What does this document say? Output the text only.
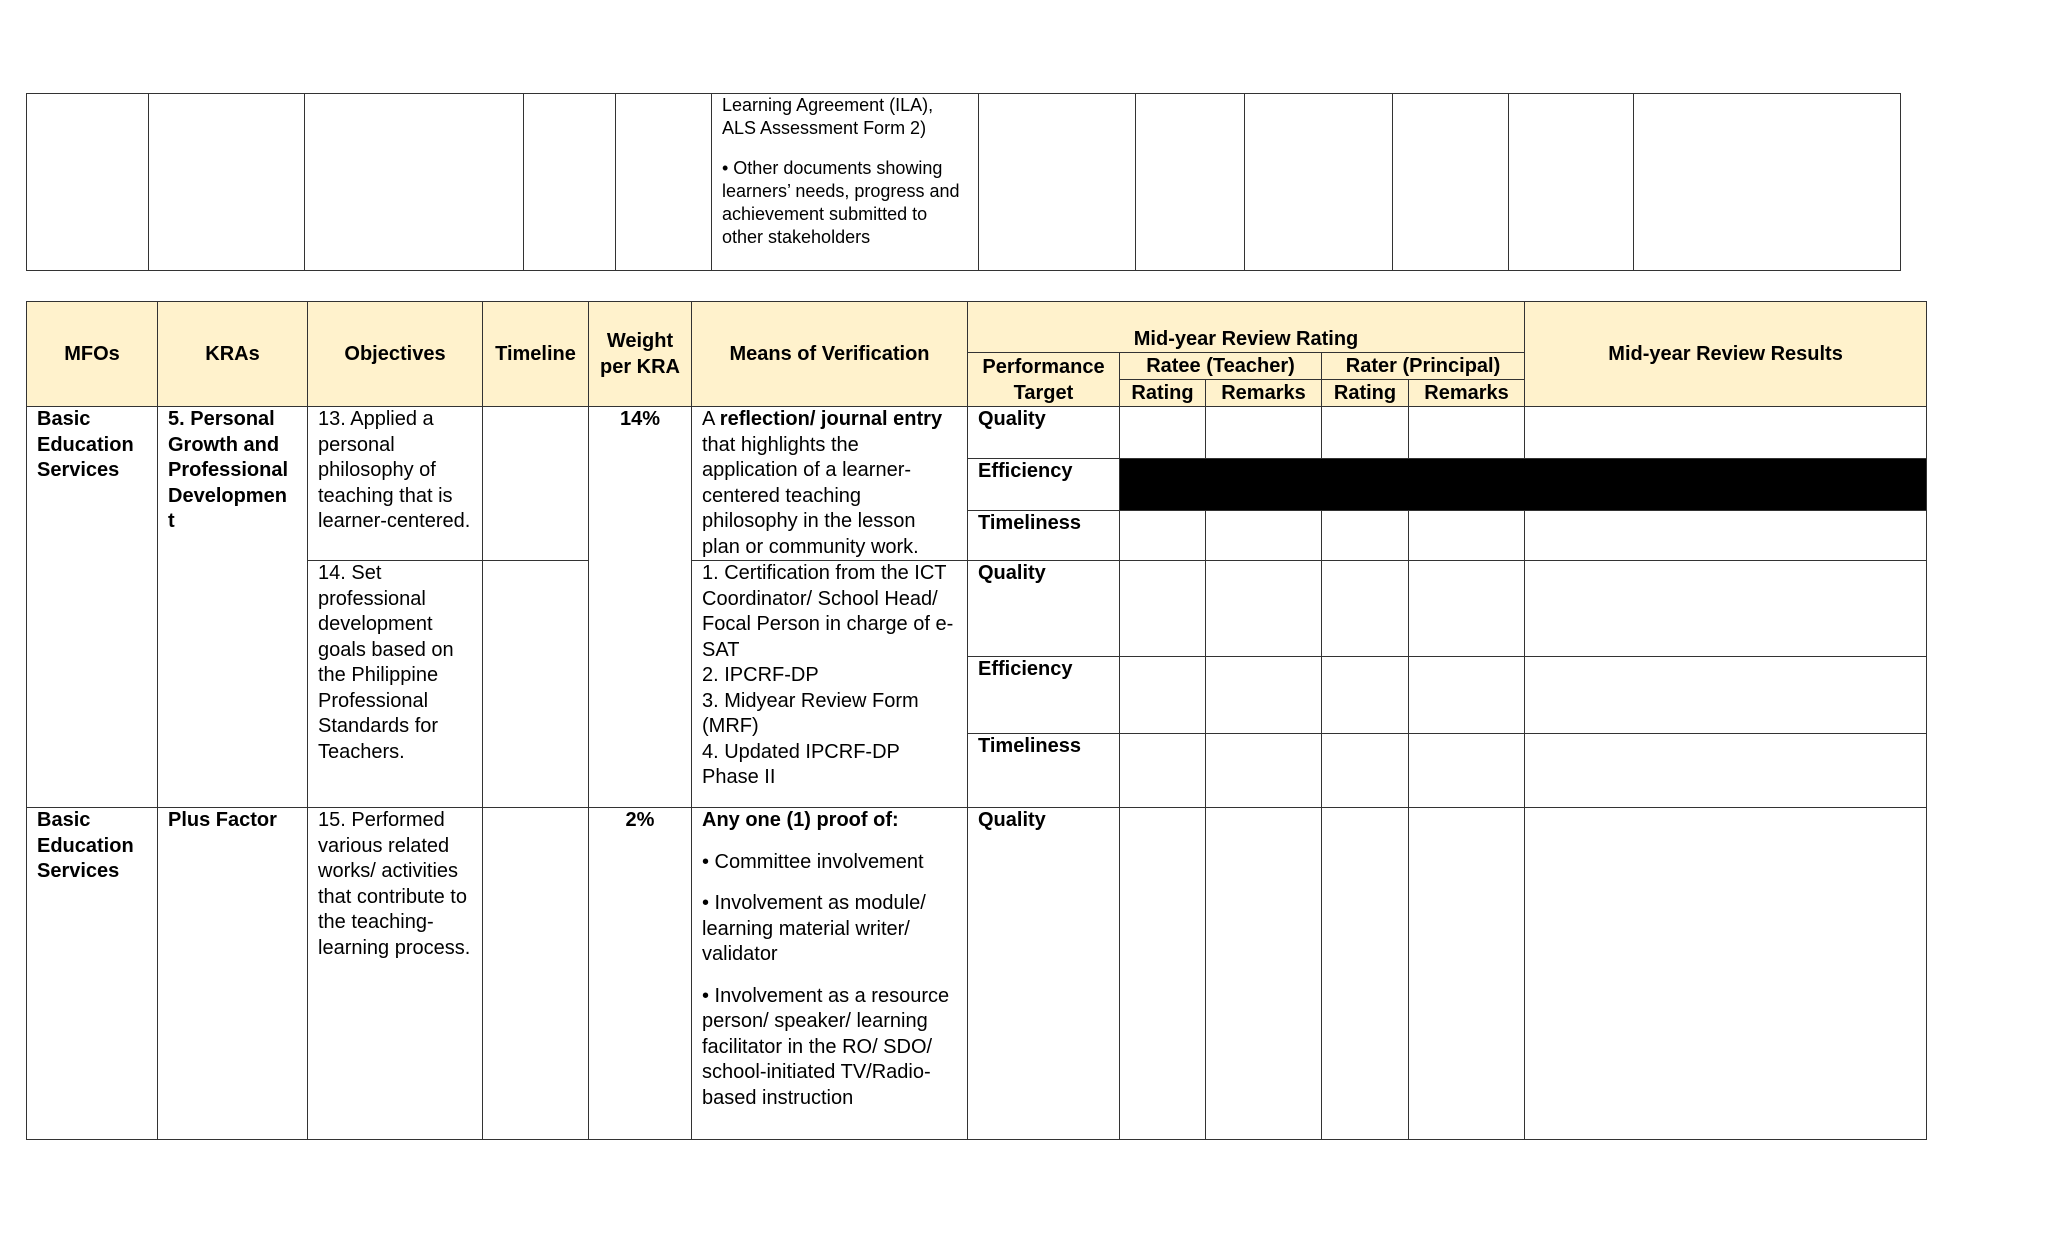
Learning Agreement (ILA), ALS Assessment Form 2)

• Other documents showing learners’ needs, progress and achievement submitted to other stakeholders

MFOs	KRAs	Objectives	Timeline	Weight per KRA	Means of Verification	Mid-year Review Rating					Mid-year Review Results
						Performance Target	Ratee (Teacher)		Rater (Principal)		
							Rating	Remarks	Rating	Remarks	
Basic Education Services	5. Personal Growth and Professional Developmen t	13. Applied a personal philosophy of teaching that is learner-centered.		14%	A reflection/ journal entry that highlights the application of a learner-centered teaching philosophy in the lesson plan or community work.	Quality					
						Efficiency					
						Timeliness					
		14. Set professional development goals based on the Philippine Professional Standards for Teachers.			1. Certification from the ICT Coordinator/ School Head/ Focal Person in charge of e-SAT
2. IPCRF-DP
3. Midyear Review Form (MRF)
4. Updated IPCRF-DP Phase II	Quality					
						Efficiency					
						Timeliness					
Basic Education Services	Plus Factor	15. Performed various related works/ activities that contribute to the teaching-learning process.		2%	Any one (1) proof of:

• Committee involvement

• Involvement as module/ learning material writer/ validator

• Involvement as a resource person/ speaker/ learning facilitator in the RO/ SDO/ school-initiated TV/Radio-based instruction	Quality					
